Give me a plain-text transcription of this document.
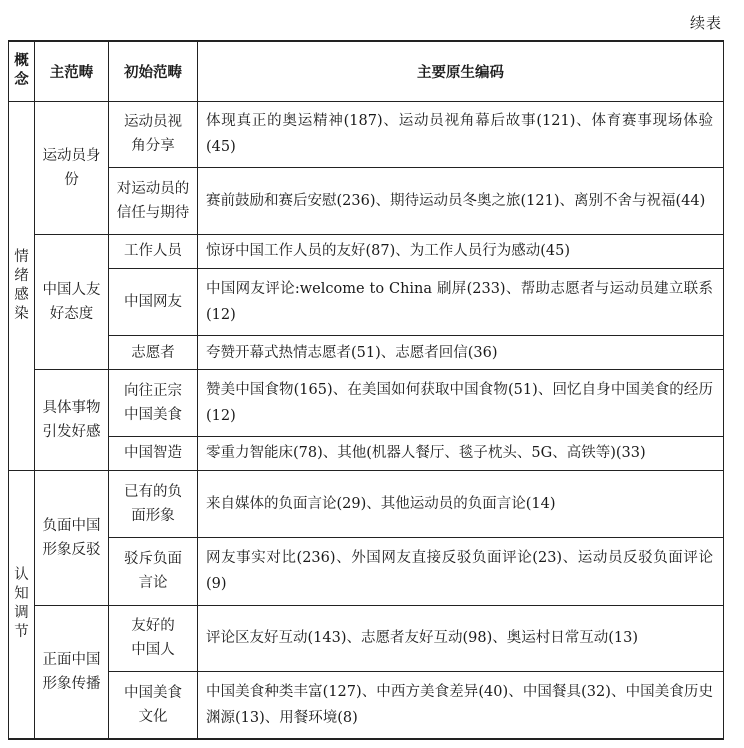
续表
概念	主范畴	初始范畴	主要原生编码

情绪感染	运动员身份	运动员视角分享	体现真正的奥运精神(187)、运动员视角幕后故事(121)、体育赛事现场体验(45)

		对运动员的信任与期待	赛前鼓励和赛后安慰(236)、期待运动员冬奥之旅(121)、离别不舍与祝福(44)

	中国人友好态度	工作人员	惊讶中国工作人员的友好(87)、为工作人员行为感动(45)
		中国网友	中国网友评论:welcome to China 刷屏(233)、帮助志愿者与运动员建立联系(12)
		志愿者	夸赞开幕式热情志愿者(51)、志愿者回信(36)

	具体事物引发好感	向往正宗中国美食	赞美中国食物(165)、在美国如何获取中国食物(51)、回忆自身中国美食的经历(12)
		中国智造	零重力智能床(78)、其他(机器人餐厅、毯子枕头、5G、高铁等)(33)

认知调节	负面中国形象反驳	已有的负面形象	来自媒体的负面言论(29)、其他运动员的负面言论(14)

		驳斥负面言论	网友事实对比(236)、外国网友直接反驳负面评论(23)、运动员反驳负面评论(9)

	正面中国形象传播	友好的中国人	评论区友好互动(143)、志愿者友好互动(98)、奥运村日常互动(13)

		中国美食文化	中国美食种类丰富(127)、中西方美食差异(40)、中国餐具(32)、中国美食历史渊源(13)、用餐环境(8)
